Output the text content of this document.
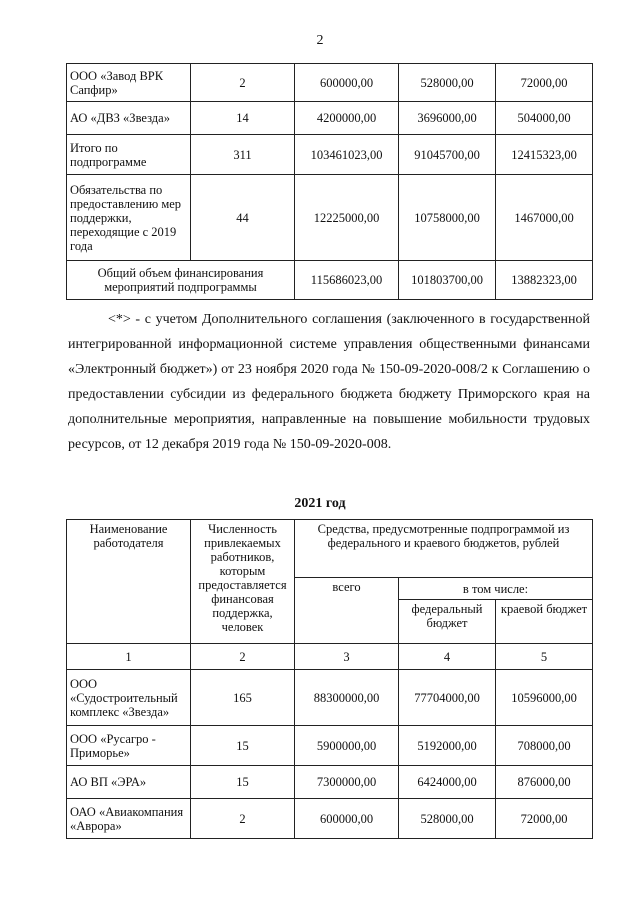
2
ООО «Завод ВРК Сапфир»	2	600000,00	528000,00	72000,00
АО «ДВЗ «Звезда»	14	4200000,00	3696000,00	504000,00
Итого по подпрограмме	311	103461023,00	91045700,00	12415323,00
Обязательства по предоставлению мер поддержки, переходящие с 2019 года	44	12225000,00	10758000,00	1467000,00
Общий объем финансирования мероприятий подпрограммы		115686023,00	101803700,00	13882323,00
<*> - с учетом Дополнительного соглашения (заключенного в государственной интегрированной информационной системе управления общественными финансами «Электронный бюджет») от 23 ноября 2020 года № 150-09-2020-008/2 к Соглашению о предоставлении субсидии из федерального бюджета бюджету Приморского края на дополнительные мероприятия, направленные на повышение мобильности трудовых ресурсов, от 12 декабря 2019 года № 150-09-2020-008.
2021 год
Наименование работодателя	Численность привлекаемых работников, которым предоставляется финансовая поддержка, человек	Средства, предусмотренные подпрограммой из федерального и краевого бюджетов, рублей		
		всего	в том числе:	
			федеральный бюджет	краевой бюджет
1	2	3	4	5
ООО «Судостроительный комплекс «Звезда»	165	88300000,00	77704000,00	10596000,00
ООО «Русагро - Приморье»	15	5900000,00	5192000,00	708000,00
АО ВП «ЭРА»	15	7300000,00	6424000,00	876000,00
ОАО «Авиакомпания «Аврора»	2	600000,00	528000,00	72000,00
